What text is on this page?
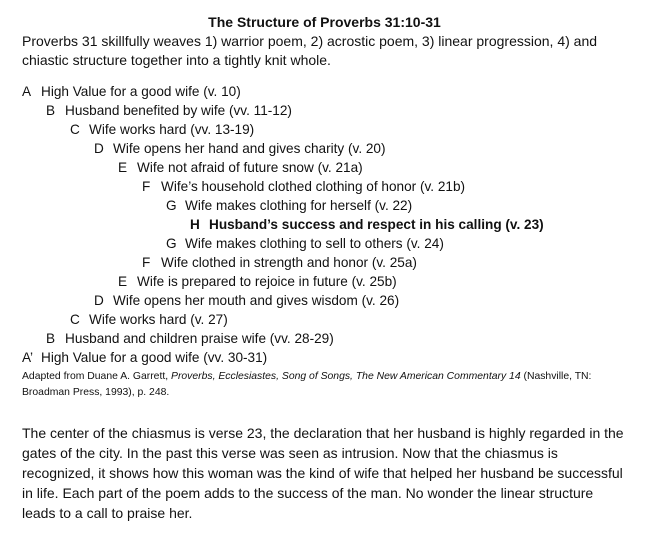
The Structure of Proverbs 31:10-31

Proverbs 31 skillfully weaves 1) warrior poem, 2) acrostic poem, 3) linear progression, 4) and chiastic structure together into a tightly knit whole.

A High Value for a good wife (v. 10)
B Husband benefited by wife (vv. 11-12)
C Wife works hard (vv. 13-19)
D Wife opens her hand and gives charity (v. 20)
E Wife not afraid of future snow (v. 21a)
F Wife’s household clothed clothing of honor (v. 21b)
G Wife makes clothing for herself (v. 22)
H Husband’s success and respect in his calling (v. 23)
G Wife makes clothing to sell to others (v. 24)
F Wife clothed in strength and honor (v. 25a)
E Wife is prepared to rejoice in future (v. 25b)
D Wife opens her mouth and gives wisdom (v. 26)
C Wife works hard (v. 27)
B Husband and children praise wife (vv. 28-29)
A’ High Value for a good wife (vv. 30-31)

Adapted from Duane A. Garrett, Proverbs, Ecclesiastes, Song of Songs, The New American Commentary 14 (Nashville, TN: Broadman Press, 1993), p. 248.

The center of the chiasmus is verse 23, the declaration that her husband is highly regarded in the gates of the city. In the past this verse was seen as intrusion. Now that the chiasmus is recognized, it shows how this woman was the kind of wife that helped her husband be successful in life. Each part of the poem adds to the success of the man. No wonder the linear structure leads to a call to praise her.
